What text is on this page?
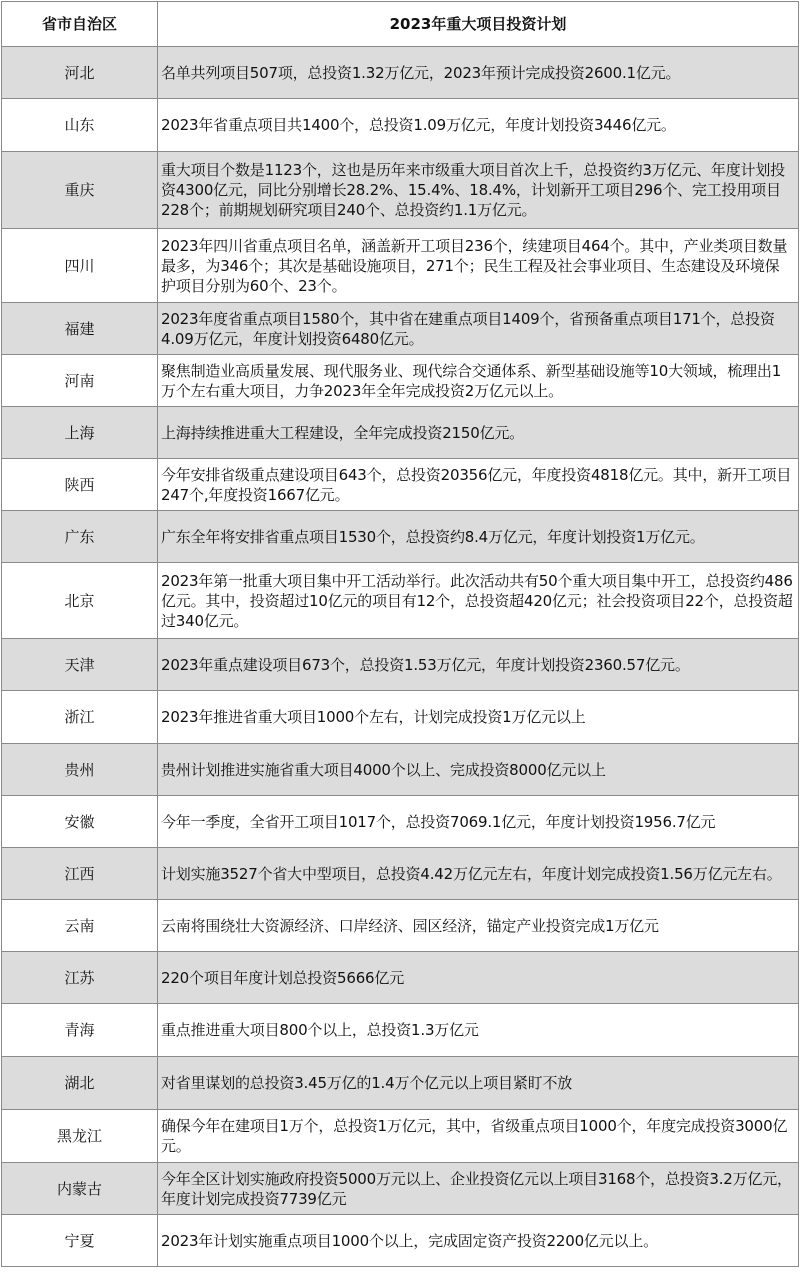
省市自治区	2023年重大项目投资计划
河北	名单共列项目507项，总投资1.32万亿元，2023年预计完成投资2600.1亿元。
山东	2023年省重点项目共1400个，总投资1.09万亿元，年度计划投资3446亿元。
重庆	重大项目个数是1123个，这也是历年来市级重大项目首次上千，总投资约3万亿元、年度计划投资4300亿元，同比分别增长28.2%、15.4%、18.4%，计划新开工项目296个、完工投用项目228个；前期规划研究项目240个、总投资约1.1万亿元。
四川	2023年四川省重点项目名单，涵盖新开工项目236个，续建项目464个。其中，产业类项目数量最多，为346个；其次是基础设施项目，271个；民生工程及社会事业项目、生态建设及环境保护项目分别为60个、23个。
福建	2023年度省重点项目1580个，其中省在建重点项目1409个，省预备重点项目171个，总投资4.09万亿元，年度计划投资6480亿元。
河南	聚焦制造业高质量发展、现代服务业、现代综合交通体系、新型基础设施等10大领域，梳理出1万个左右重大项目，力争2023年全年完成投资2万亿元以上。
上海	上海持续推进重大工程建设，全年完成投资2150亿元。
陕西	今年安排省级重点建设项目643个，总投资20356亿元，年度投资4818亿元。其中，新开工项目247个,年度投资1667亿元。
广东	广东全年将安排省重点项目1530个，总投资约8.4万亿元，年度计划投资1万亿元。
北京	2023年第一批重大项目集中开工活动举行。此次活动共有50个重大项目集中开工，总投资约486亿元。其中，投资超过10亿元的项目有12个，总投资超420亿元；社会投资项目22个，总投资超过340亿元。
天津	2023年重点建设项目673个，总投资1.53万亿元，年度计划投资2360.57亿元。
浙江	2023年推进省重大项目1000个左右，计划完成投资1万亿元以上
贵州	贵州计划推进实施省重大项目4000个以上、完成投资8000亿元以上
安徽	今年一季度，全省开工项目1017个，总投资7069.1亿元，年度计划投资1956.7亿元
江西	计划实施3527个省大中型项目，总投资4.42万亿元左右，年度计划完成投资1.56万亿元左右。
云南	云南将围绕壮大资源经济、口岸经济、园区经济，锚定产业投资完成1万亿元
江苏	220个项目年度计划总投资5666亿元
青海	重点推进重大项目800个以上，总投资1.3万亿元
湖北	对省里谋划的总投资3.45万亿的1.4万个亿元以上项目紧盯不放
黑龙江	确保今年在建项目1万个，总投资1万亿元，其中，省级重点项目1000个，年度完成投资3000亿元。
内蒙古	今年全区计划实施政府投资5000万元以上、企业投资亿元以上项目3168个，总投资3.2万亿元，年度计划完成投资7739亿元
宁夏	2023年计划实施重点项目1000个以上，完成固定资产投资2200亿元以上。
